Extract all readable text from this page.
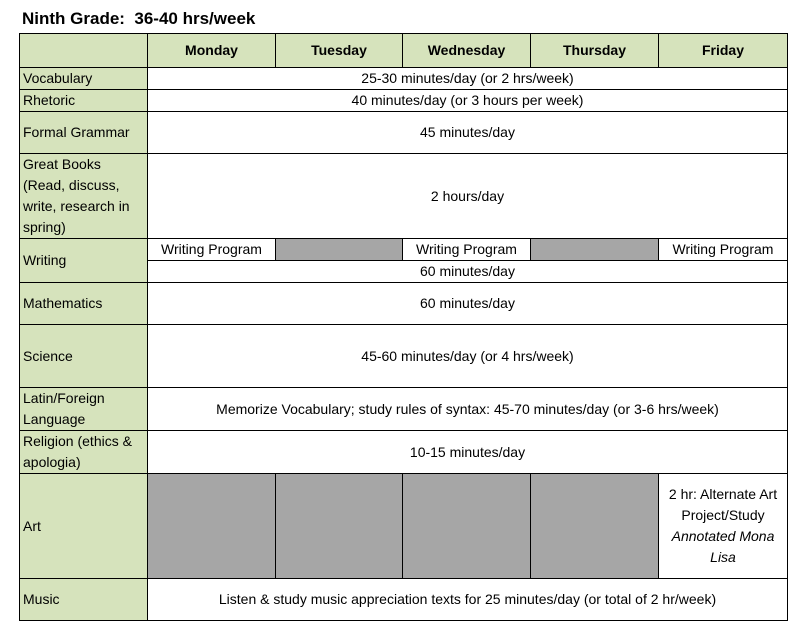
Ninth Grade:  36-40 hrs/week
	Monday	Tuesday	Wednesday	Thursday	Friday
Vocabulary	25-30 minutes/day (or 2 hrs/week)				
Rhetoric	40 minutes/day (or 3 hours per week)				
Formal Grammar	45 minutes/day				

Great Books
(Read, discuss,
write, research in
spring)	2 hours/day				
Writing	Writing Program		Writing Program		Writing Program
	60 minutes/day				
Mathematics	60 minutes/day				
Science	45-60 minutes/day (or 4 hrs/week)				

Latin/Foreign
Language	Memorize Vocabulary; study rules of syntax: 45-70 minutes/day (or 3-6 hrs/week)				

Religion (ethics &
apologia)	10-15 minutes/day				
Art					2 hr: Alternate Art
Project/Study
Annotated Mona
Lisa

Music	Listen & study music appreciation texts for 25 minutes/day (or total of 2 hr/week)				
